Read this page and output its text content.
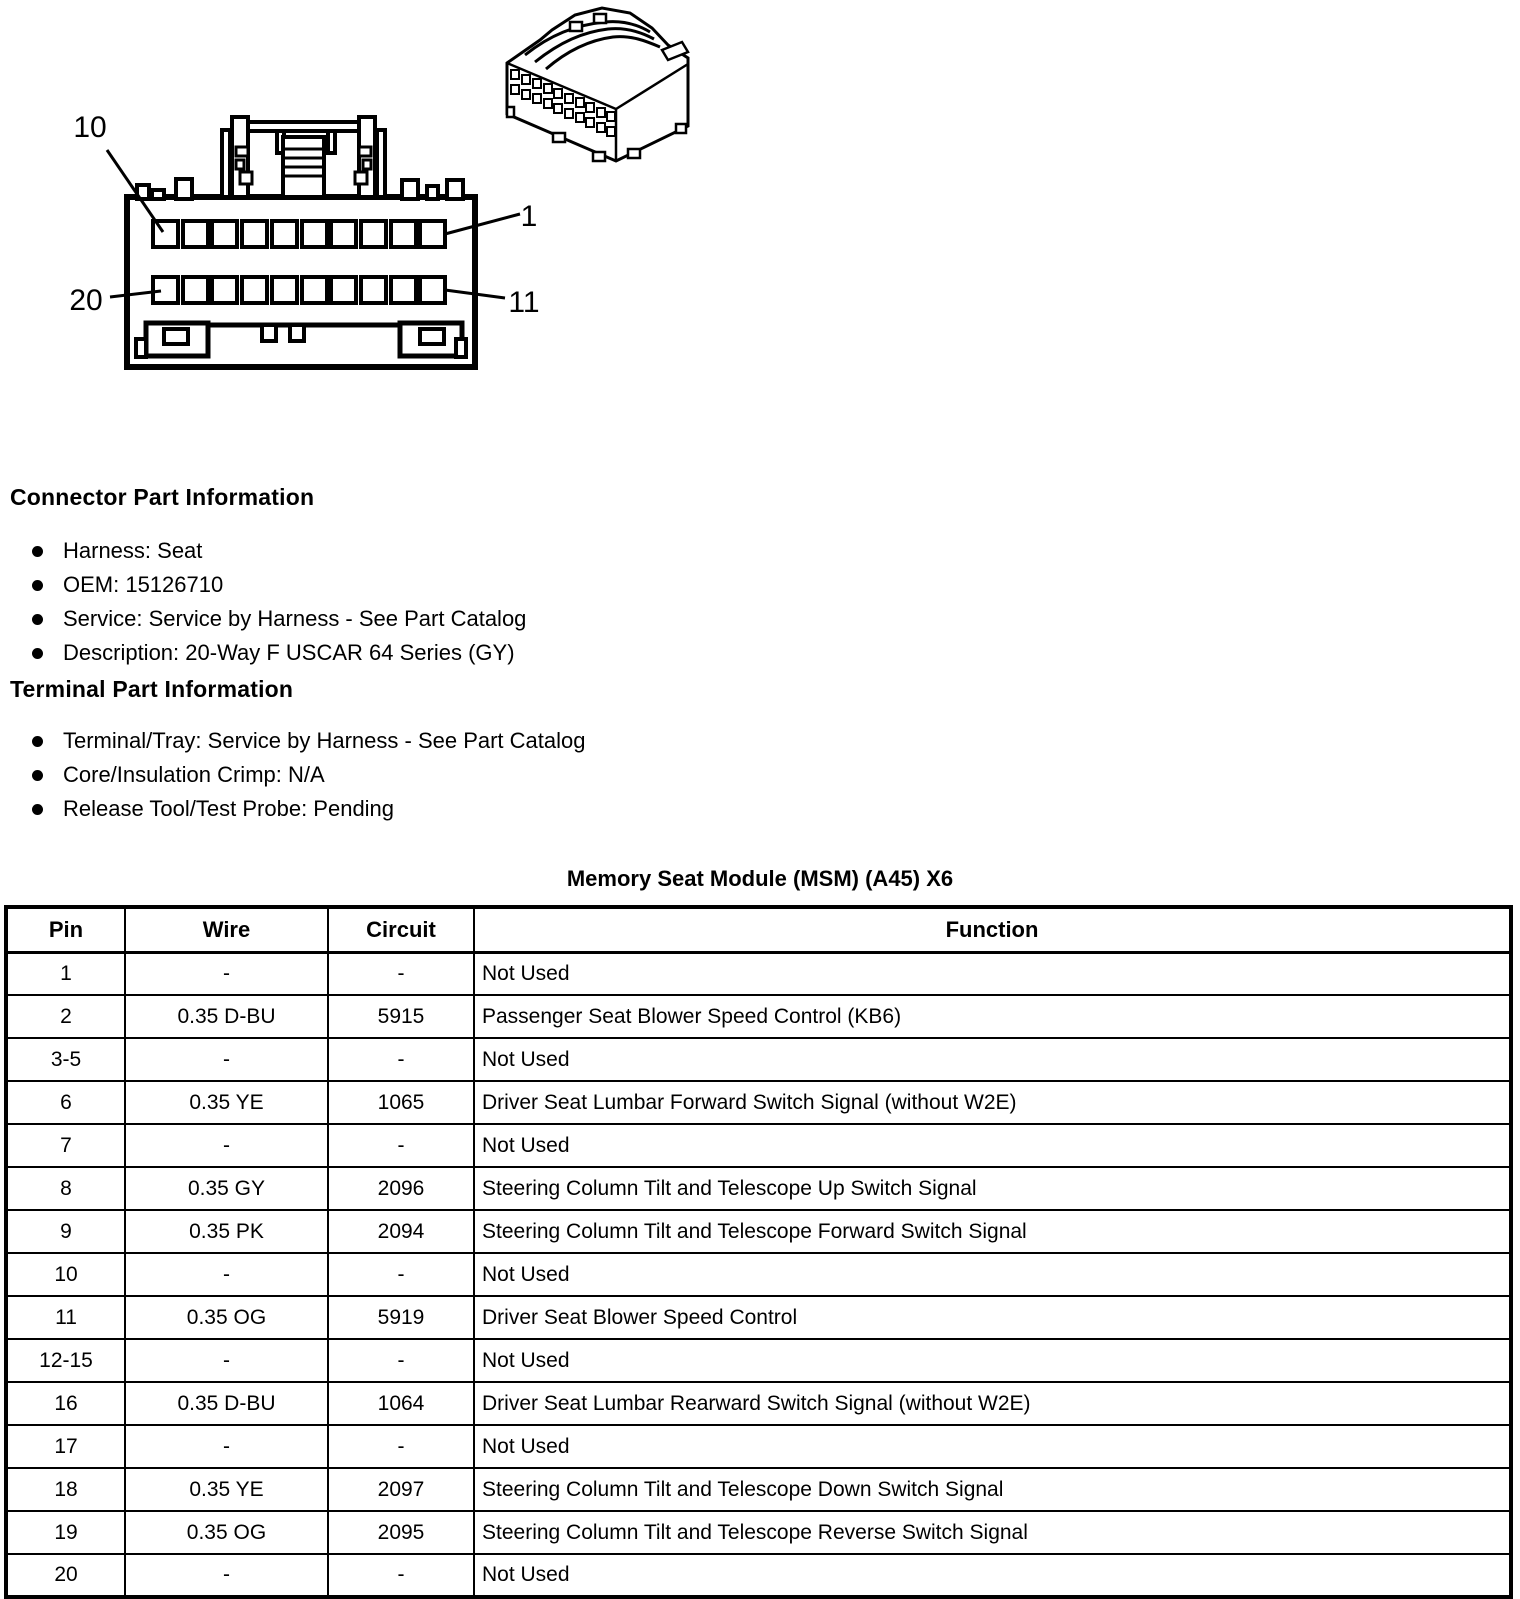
10
1
20	11
Connector Part Information
Harness: Seat
OEM: 15126710
Service: Service by Harness - See Part Catalog
Description: 20-Way F USCAR 64 Series (GY)
Terminal Part Information
Terminal/Tray: Service by Harness - See Part Catalog
Core/Insulation Crimp: N/A
Release Tool/Test Probe: Pending
Memory Seat Module (MSM) (A45) X6
Pin	Wire	Circuit	Function
1	-	-	Not Used
2	0.35 D-BU	5915	Passenger Seat Blower Speed Control (KB6)
3-5	-	-	Not Used
6	0.35 YE	1065	Driver Seat Lumbar Forward Switch Signal (without W2E)
7	-	-	Not Used
8	0.35 GY	2096	Steering Column Tilt and Telescope Up Switch Signal
9	0.35 PK	2094	Steering Column Tilt and Telescope Forward Switch Signal
10	-	-	Not Used
11	0.35 OG	5919	Driver Seat Blower Speed Control
12-15	-	-	Not Used
16	0.35 D-BU	1064	Driver Seat Lumbar Rearward Switch Signal (without W2E)
17	-	-	Not Used
18	0.35 YE	2097	Steering Column Tilt and Telescope Down Switch Signal
19	0.35 OG	2095	Steering Column Tilt and Telescope Reverse Switch Signal
20	-	-	Not Used
